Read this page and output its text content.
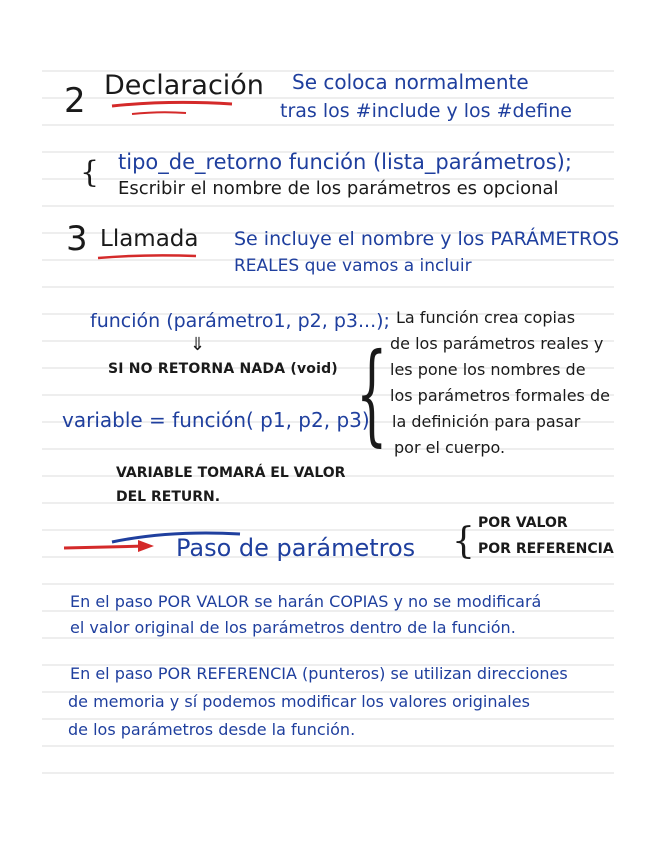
2 Declaración Se coloca normalmente
tras los #include y los #define
{ tipo_de_retorno función (lista_parámetros);
Escribir el nombre de los parámetros es opcional
3 Llamada Se incluye el nombre y los PARÁMETROS
REALES que vamos a incluir
función (parámetro1, p2, p3...);
⇓
SI NO RETORNA NADA (void)
variable = función( p1, p2, p3);
VARIABLE TOMARÁ EL VALOR
DEL RETURN.
{
La función crea copias
de los parámetros reales y
les pone los nombres de
los parámetros formales de
la definición para pasar
por el cuerpo.
Paso de parámetros { POR VALOR
POR REFERENCIA
En el paso POR VALOR se harán COPIAS y no se modificará
el valor original de los parámetros dentro de la función.
En el paso POR REFERENCIA (punteros) se utilizan direcciones
de memoria y sí podemos modificar los valores originales
de los parámetros desde la función.
